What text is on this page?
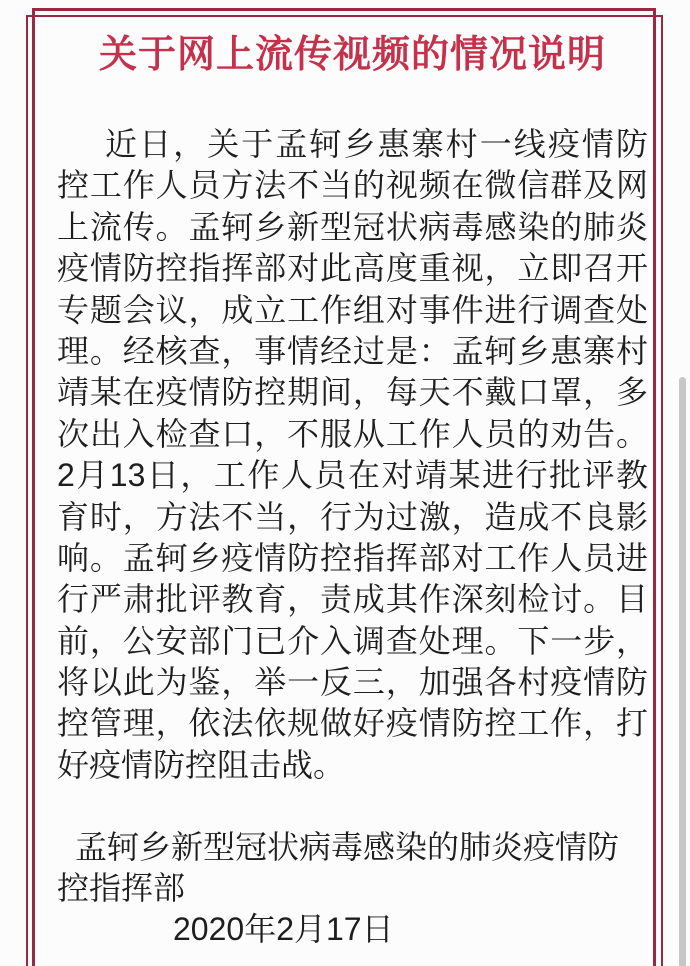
关于网上流传视频的情况说明
近日，关于孟轲乡惠寨村一线疫情防
控工作人员方法不当的视频在微信群及网
上流传。孟轲乡新型冠状病毒感染的肺炎
疫情防控指挥部对此高度重视，立即召开
专题会议，成立工作组对事件进行调查处
理。经核查，事情经过是：孟轲乡惠寨村
靖某在疫情防控期间，每天不戴口罩，多
次出入检查口，不服从工作人员的劝告。
2月13日，工作人员在对靖某进行批评教
育时，方法不当，行为过激，造成不良影
响。孟轲乡疫情防控指挥部对工作人员进
行严肃批评教育，责成其作深刻检讨。目
前，公安部门已介入调查处理。下一步，
将以此为鉴，举一反三，加强各村疫情防
控管理，依法依规做好疫情防控工作，打
好疫情防控阻击战。
孟轲乡新型冠状病毒感染的肺炎疫情防
控指挥部
2020年2月17日
